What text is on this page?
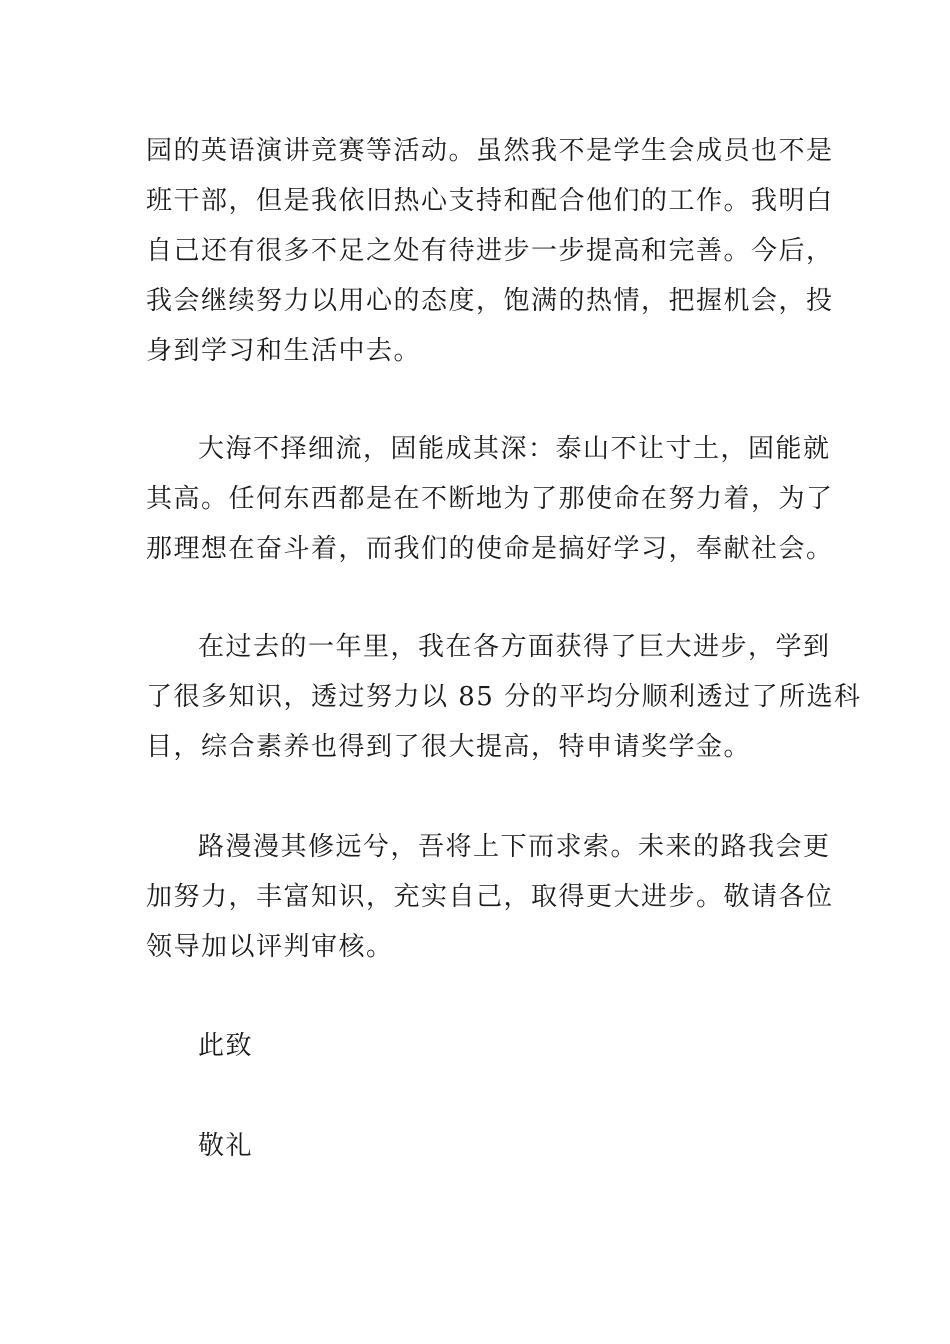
园的英语演讲竞赛等活动。虽然我不是学生会成员也不是
班干部，但是我依旧热心支持和配合他们的工作。我明白
自己还有很多不足之处有待进步一步提高和完善。今后，
我会继续努力以用心的态度，饱满的热情，把握机会，投
身到学习和生活中去。
大海不择细流，固能成其深：泰山不让寸土，固能就
其高。任何东西都是在不断地为了那使命在努力着，为了
那理想在奋斗着，而我们的使命是搞好学习，奉献社会。
在过去的一年里，我在各方面获得了巨大进步，学到
了很多知识，透过努力以 85 分的平均分顺利透过了所选科
目，综合素养也得到了很大提高，特申请奖学金。
路漫漫其修远兮，吾将上下而求索。未来的路我会更
加努力，丰富知识，充实自己，取得更大进步。敬请各位
领导加以评判审核。
此致
敬礼
